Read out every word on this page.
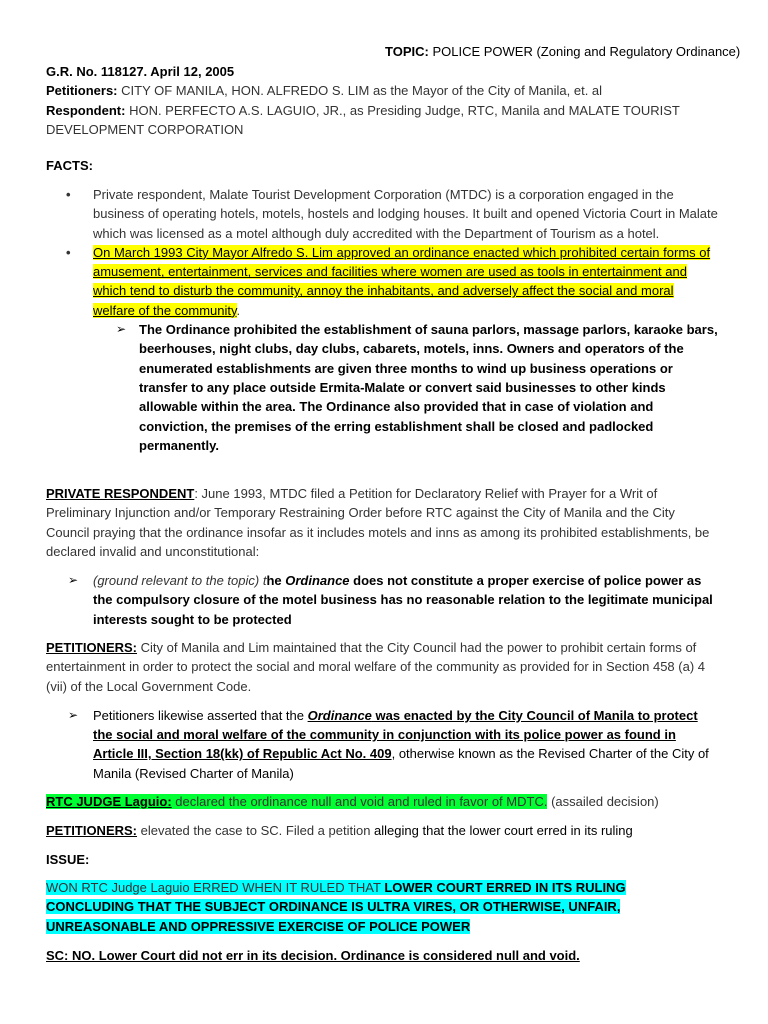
TOPIC: POLICE POWER (Zoning and Regulatory Ordinance)

G.R. No. 118127. April 12, 2005

Petitioners: CITY OF MANILA, HON. ALFREDO S. LIM as the Mayor of the City of Manila, et. al

Respondent: HON. PERFECTO A.S. LAGUIO, JR., as Presiding Judge, RTC, Manila and MALATE TOURIST DEVELOPMENT CORPORATION

FACTS:

• Private respondent, Malate Tourist Development Corporation (MTDC) is a corporation engaged in the business of operating hotels, motels, hostels and lodging houses. It built and opened Victoria Court in Malate which was licensed as a motel although duly accredited with the Department of Tourism as a hotel.
• On March 1993 City Mayor Alfredo S. Lim approved an ordinance enacted which prohibited certain forms of amusement, entertainment, services and facilities where women are used as tools in entertainment and which tend to disturb the community, annoy the inhabitants, and adversely affect the social and moral welfare of the community.
➢ The Ordinance prohibited the establishment of sauna parlors, massage parlors, karaoke bars, beerhouses, night clubs, day clubs, cabarets, motels, inns. Owners and operators of the enumerated establishments are given three months to wind up business operations or transfer to any place outside Ermita-Malate or convert said businesses to other kinds allowable within the area. The Ordinance also provided that in case of violation and conviction, the premises of the erring establishment shall be closed and padlocked permanently.

PRIVATE RESPONDENT: June 1993, MTDC filed a Petition for Declaratory Relief with Prayer for a Writ of Preliminary Injunction and/or Temporary Restraining Order before RTC against the City of Manila and the City Council praying that the ordinance insofar as it includes motels and inns as among its prohibited establishments, be declared invalid and unconstitutional:

➢ (ground relevant to the topic) the Ordinance does not constitute a proper exercise of police power as the compulsory closure of the motel business has no reasonable relation to the legitimate municipal interests sought to be protected

PETITIONERS: City of Manila and Lim maintained that the City Council had the power to prohibit certain forms of entertainment in order to protect the social and moral welfare of the community as provided for in Section 458 (a) 4 (vii) of the Local Government Code.

➢ Petitioners likewise asserted that the Ordinance was enacted by the City Council of Manila to protect the social and moral welfare of the community in conjunction with its police power as found in Article III, Section 18(kk) of Republic Act No. 409, otherwise known as the Revised Charter of the City of Manila (Revised Charter of Manila)

RTC JUDGE Laguio: declared the ordinance null and void and ruled in favor of MDTC. (assailed decision)

PETITIONERS: elevated the case to SC. Filed a petition alleging that the lower court erred in its ruling

ISSUE:

WON RTC Judge Laguio ERRED WHEN IT RULED THAT LOWER COURT ERRED IN ITS RULING CONCLUDING THAT THE SUBJECT ORDINANCE IS ULTRA VIRES, OR OTHERWISE, UNFAIR, UNREASONABLE AND OPPRESSIVE EXERCISE OF POLICE POWER

SC: NO. Lower Court did not err in its decision. Ordinance is considered null and void.
